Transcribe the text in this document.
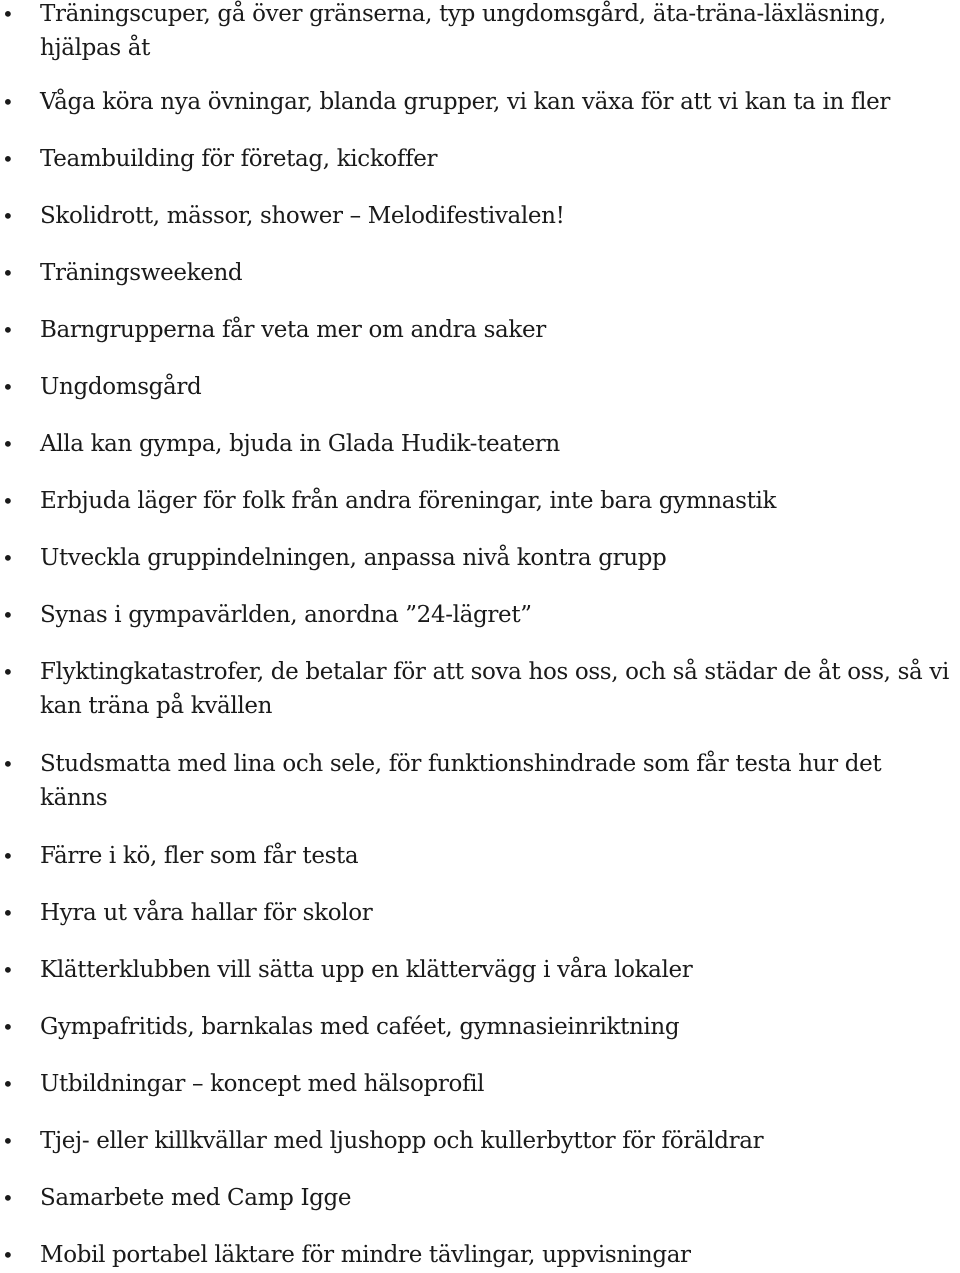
• Träningscuper, gå över gränserna, typ ungdomsgård, äta-träna-läxläsning,
hjälpas åt
• Våga köra nya övningar, blanda grupper, vi kan växa för att vi kan ta in fler
• Teambuilding för företag, kickoffer
• Skolidrott, mässor, shower – Melodifestivalen!
• Träningsweekend
• Barngrupperna får veta mer om andra saker
• Ungdomsgård
• Alla kan gympa, bjuda in Glada Hudik-teatern
• Erbjuda läger för folk från andra föreningar, inte bara gymnastik
• Utveckla gruppindelningen, anpassa nivå kontra grupp
• Synas i gympavärlden, anordna ”24-lägret”
• Flyktingkatastrofer, de betalar för att sova hos oss, och så städar de åt oss, så vi
kan träna på kvällen
• Studsmatta med lina och sele, för funktionshindrade som får testa hur det
känns
• Färre i kö, fler som får testa
• Hyra ut våra hallar för skolor
• Klätterklubben vill sätta upp en klättervägg i våra lokaler
• Gympafritids, barnkalas med caféet, gymnasieinriktning
• Utbildningar – koncept med hälsoprofil
• Tjej- eller killkvällar med ljushopp och kullerbyttor för föräldrar
• Samarbete med Camp Igge
• Mobil portabel läktare för mindre tävlingar, uppvisningar
